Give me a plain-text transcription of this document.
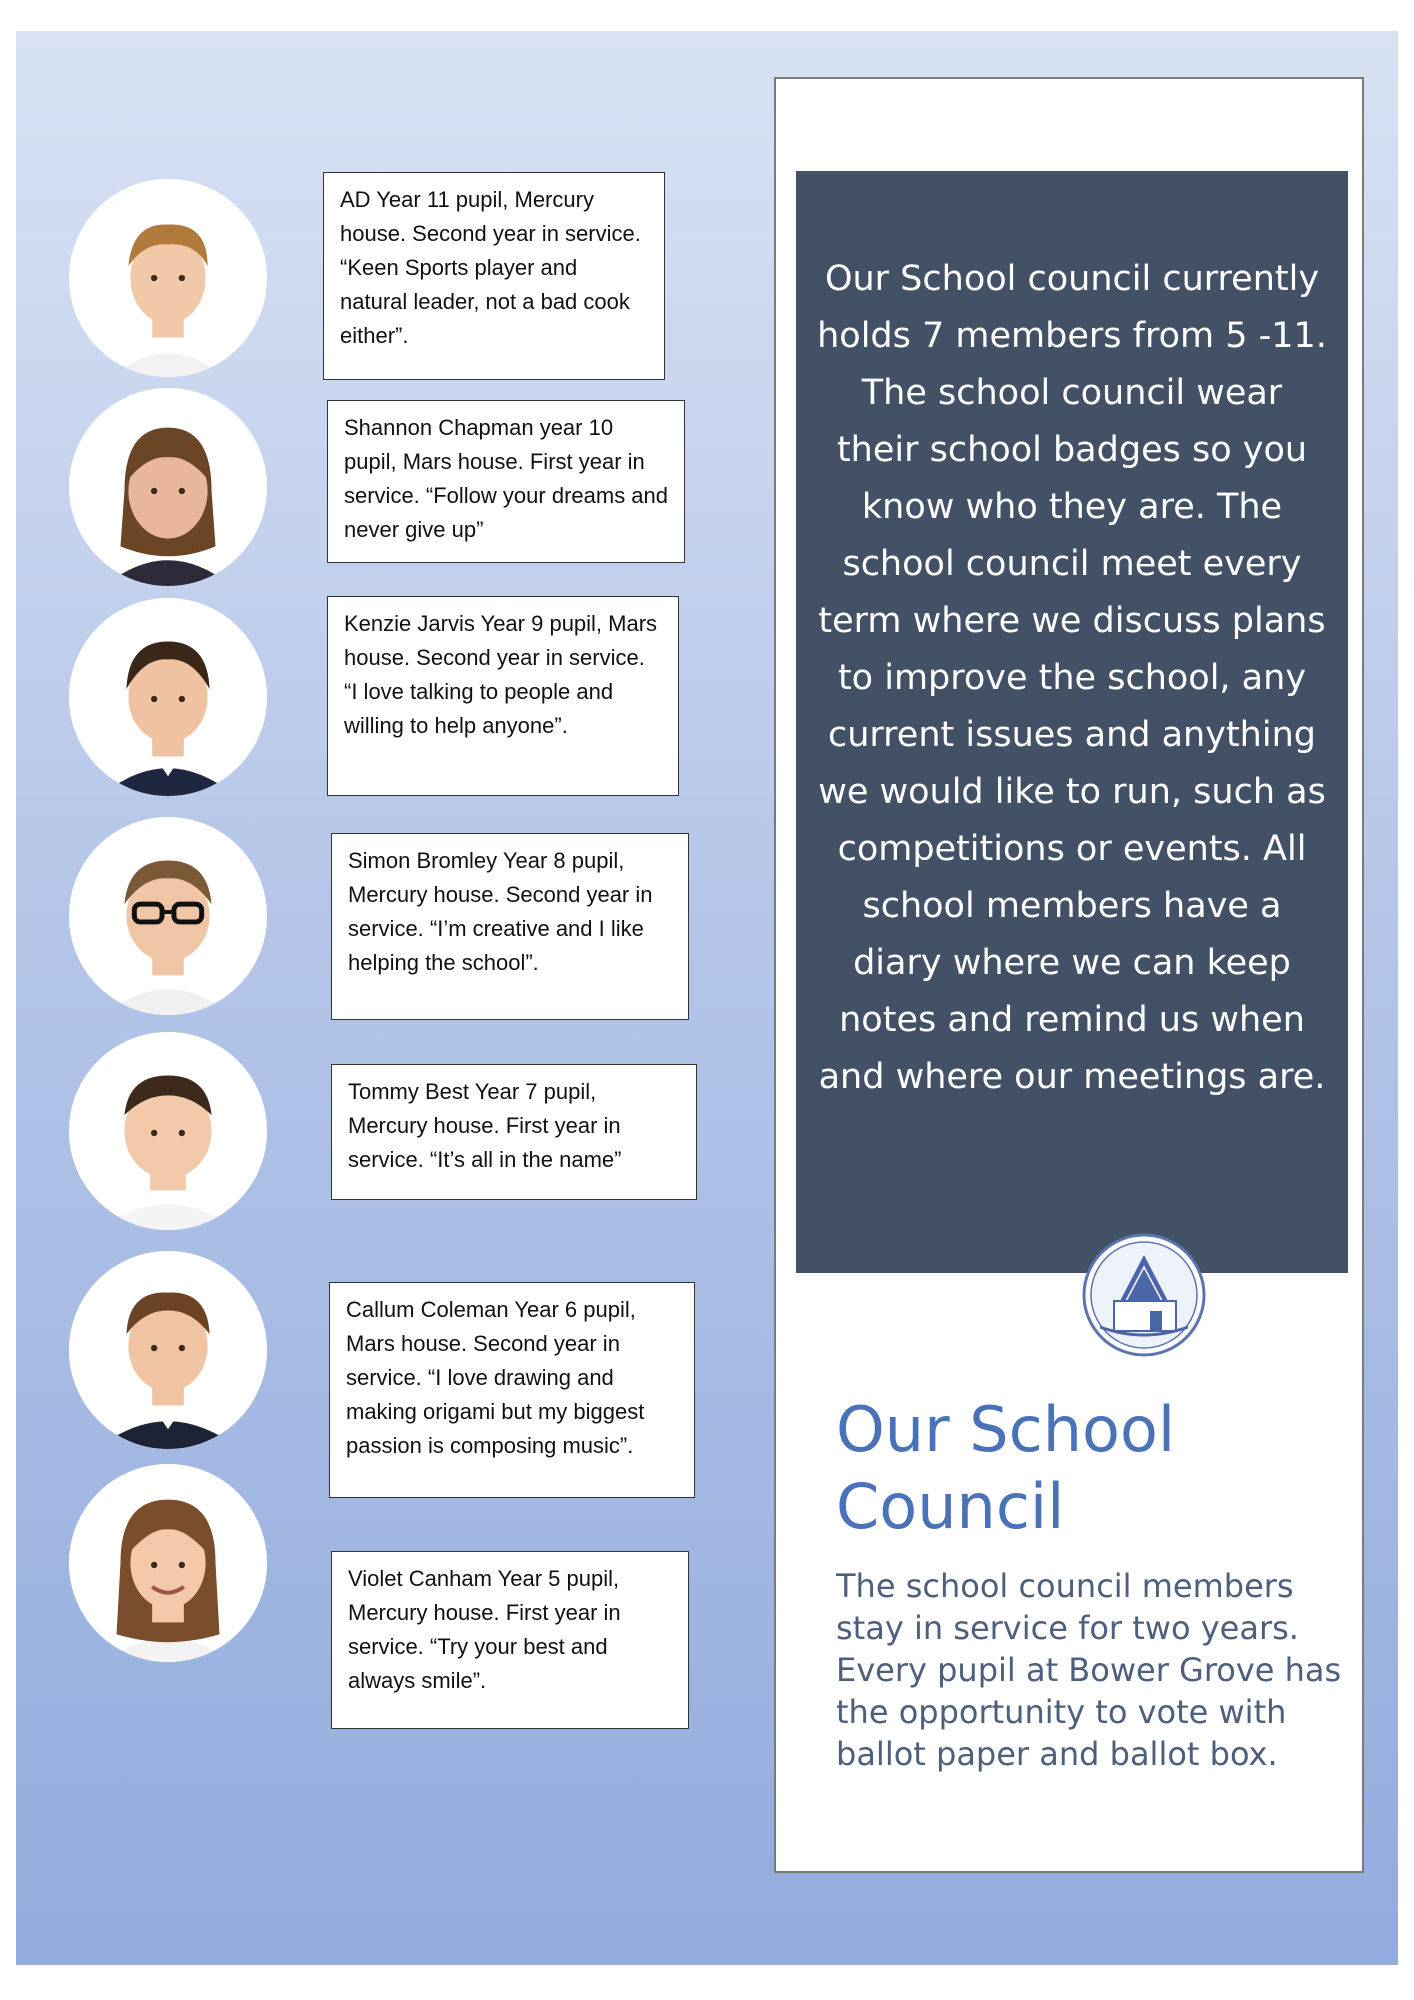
AD Year 11 pupil, Mercury house. Second year in service. “Keen Sports player and natural leader, not a bad cook either”.
Shannon Chapman year 10 pupil, Mars house. First year in service. “Follow your dreams and never give up”
Kenzie Jarvis Year 9 pupil, Mars house. Second year in service. “I love talking to people and willing to help anyone”.
Simon Bromley Year 8 pupil, Mercury house. Second year in service. “I’m creative and I like helping the school”.
Tommy Best Year 7 pupil, Mercury house. First year in service. “It’s all in the name”
Callum Coleman Year 6 pupil, Mars house. Second year in service. “I love drawing and making origami but my biggest passion is composing music”.
Violet Canham Year 5 pupil, Mercury house. First year in service. “Try your best and always smile”.
Our School council currently holds 7 members from 5 -11. The school council wear their school badges so you know who they are. The school council meet every term where we discuss plans to improve the school, any current issues and anything we would like to run, such as competitions or events. All school members have a diary where we can keep notes and remind us when and where our meetings are.
Our School Council
The school council members stay in service for two years. Every pupil at Bower Grove has the opportunity to vote with ballot paper and ballot box.
